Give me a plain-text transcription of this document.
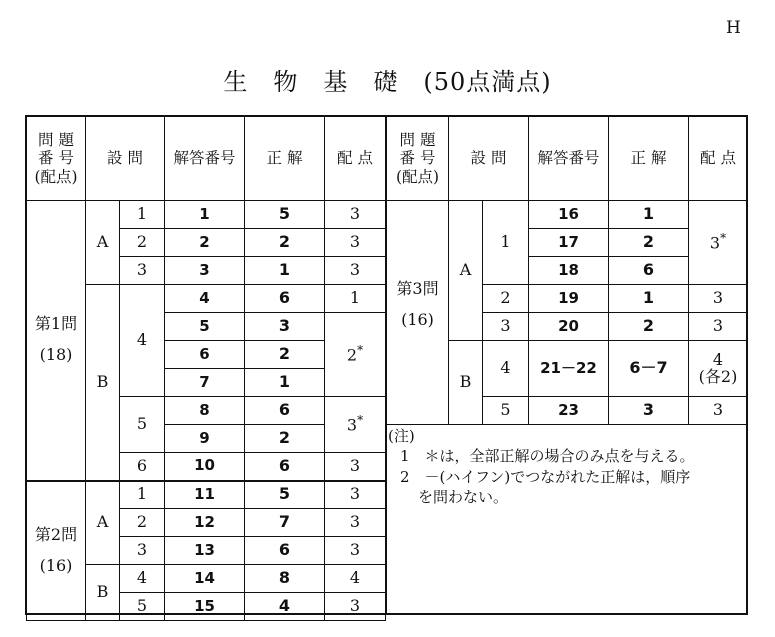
H
生　物　基　礎　(50点満点)
問 題
番 号
(配点)	設 問		解答番号	正 解	配 点

第1問
(18)	A	1	1	5	3
		2	2	2	3
		3	3	1	3
	B	4	4	6	1
			5	3	2*
			6	2	
			7	1	
		5	8	6	3*
			9	2	
		6	10	6	3

第2問
(16)	A	1	11	5	3
		2	12	7	3
		3	13	6	3
	B	4	14	8	4
		5	15	4	3
問 題
番 号
(配点)	設 問		解答番号	正 解	配 点

第3問
(16)	A	1	16	1	3*
			17	2	
			18	6	
		2	19	1	3
		3	20	2	3
	B	4	21－22	6－7	4
(各2)

		5	23	3	3
(注)
1　＊は，全部正解の場合のみ点を与える。
2　－(ハイフン)でつながれた正解は，順序
を問わない。
